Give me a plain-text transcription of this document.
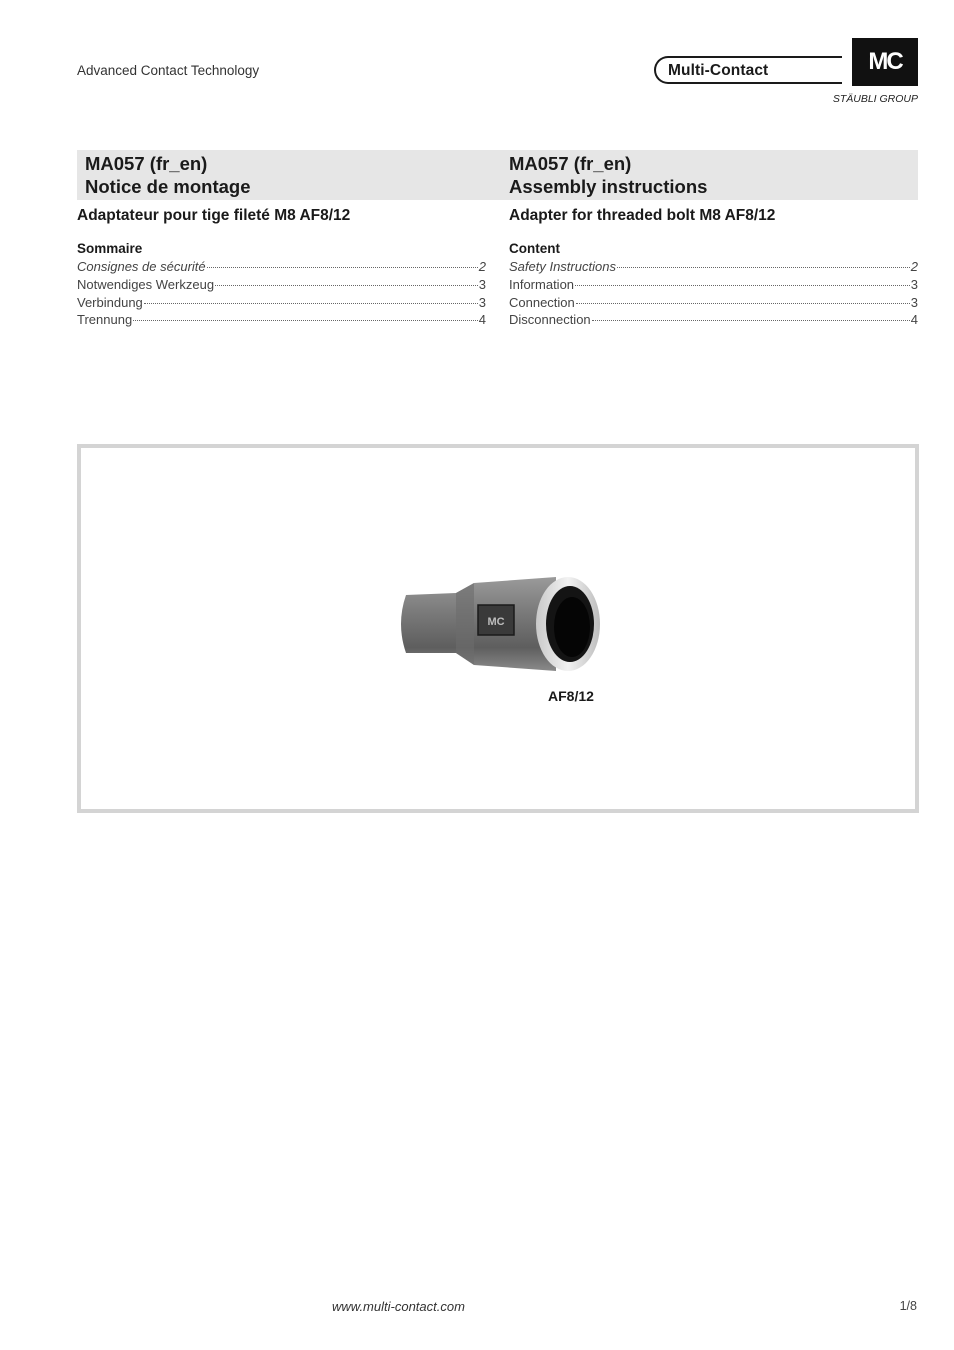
Advanced Contact Technology	Multi-Contact	MC
STÄUBLI GROUP
MA057 (fr_en)
Notice de montage
MA057 (fr_en)
Assembly instructions
Adaptateur pour tige fileté M8 AF8/12	Adapter for threaded bolt M8 AF8/12
Sommaire	Content
Consignes de sécurité	2
Notwendiges Werkzeug	3
Verbindung	3
Trennung	4
Safety Instructions	2
Information	3
Connection	3
Disconnection	4
MC
AF8/12
www.multi-contact.com	1/8
